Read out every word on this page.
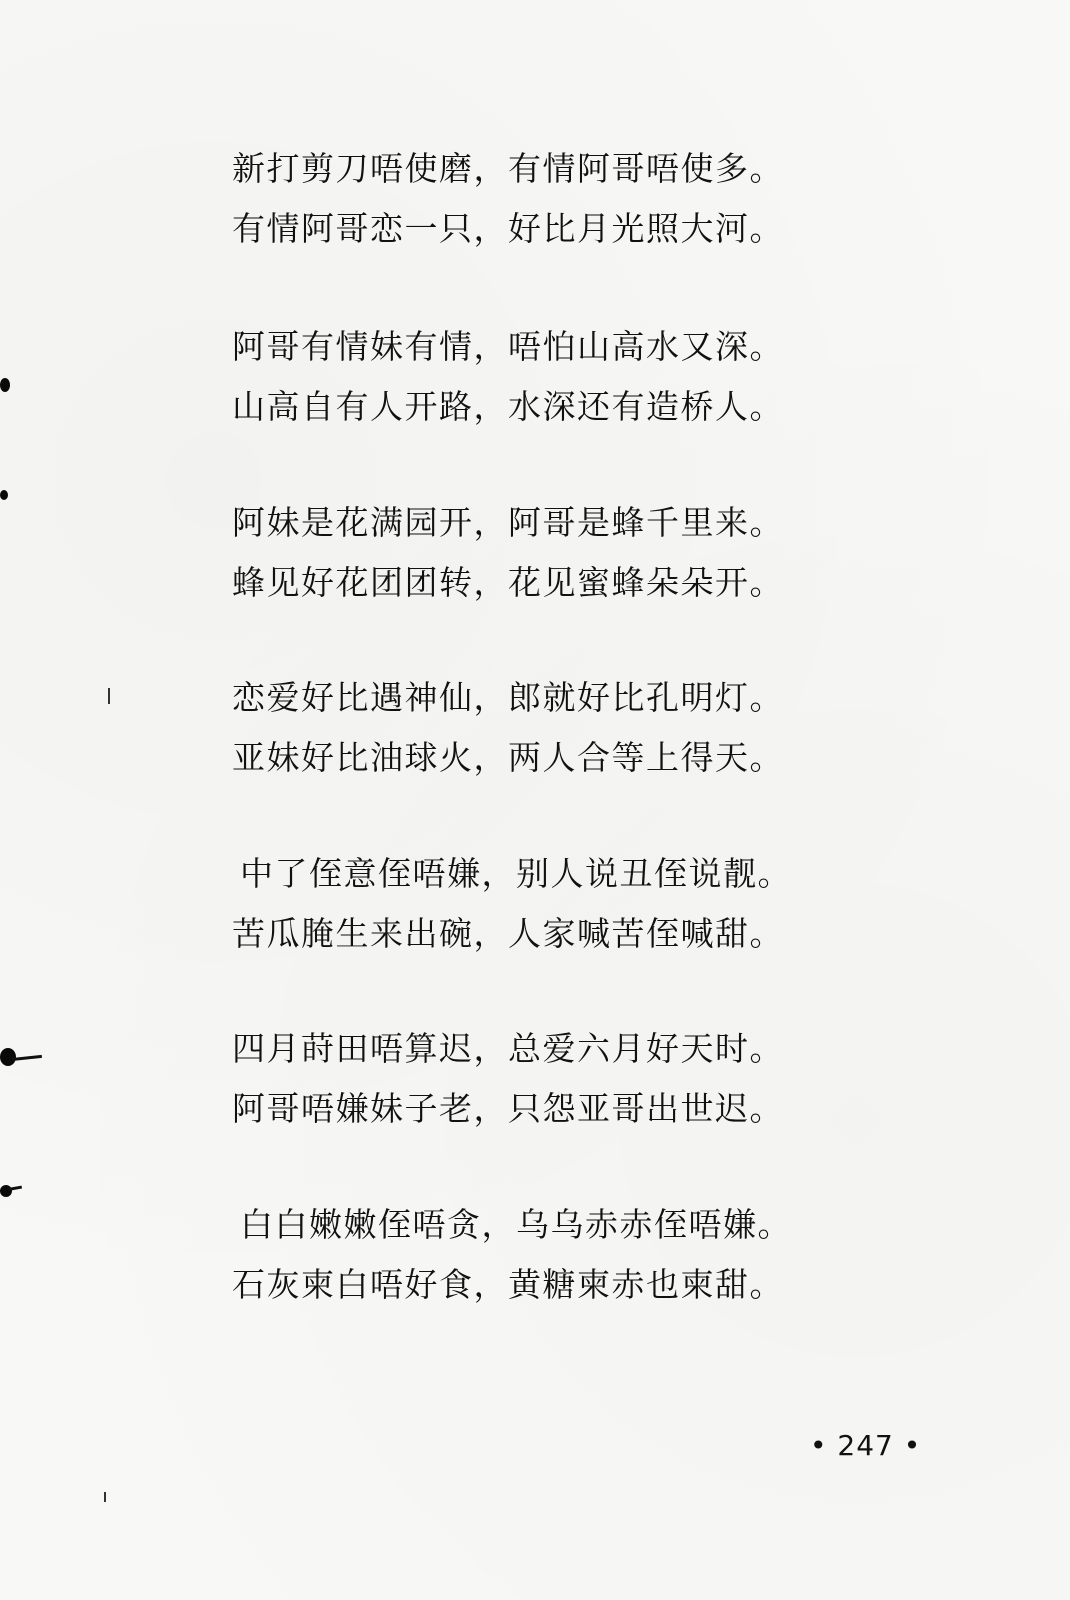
新打剪刀唔使磨，有情阿哥唔使多。
有情阿哥恋一只，好比月光照大河。
阿哥有情妹有情，唔怕山高水又深。
山高自有人开路，水深还有造桥人。
阿妹是花满园开，阿哥是蜂千里来。
蜂见好花团团转，花见蜜蜂朵朵开。
恋爱好比遇神仙，郎就好比孔明灯。
亚妹好比油球火，两人合等上得天。
中了侄意侄唔嫌，别人说丑侄说靓。
苦瓜腌生来出碗，人家喊苦侄喊甜。
四月莳田唔算迟，总爱六月好天时。
阿哥唔嫌妹子老，只怨亚哥出世迟。
白白嫩嫩侄唔贪，乌乌赤赤侄唔嫌。
石灰柬白唔好食，黄糖柬赤也柬甜。
• 247 •
